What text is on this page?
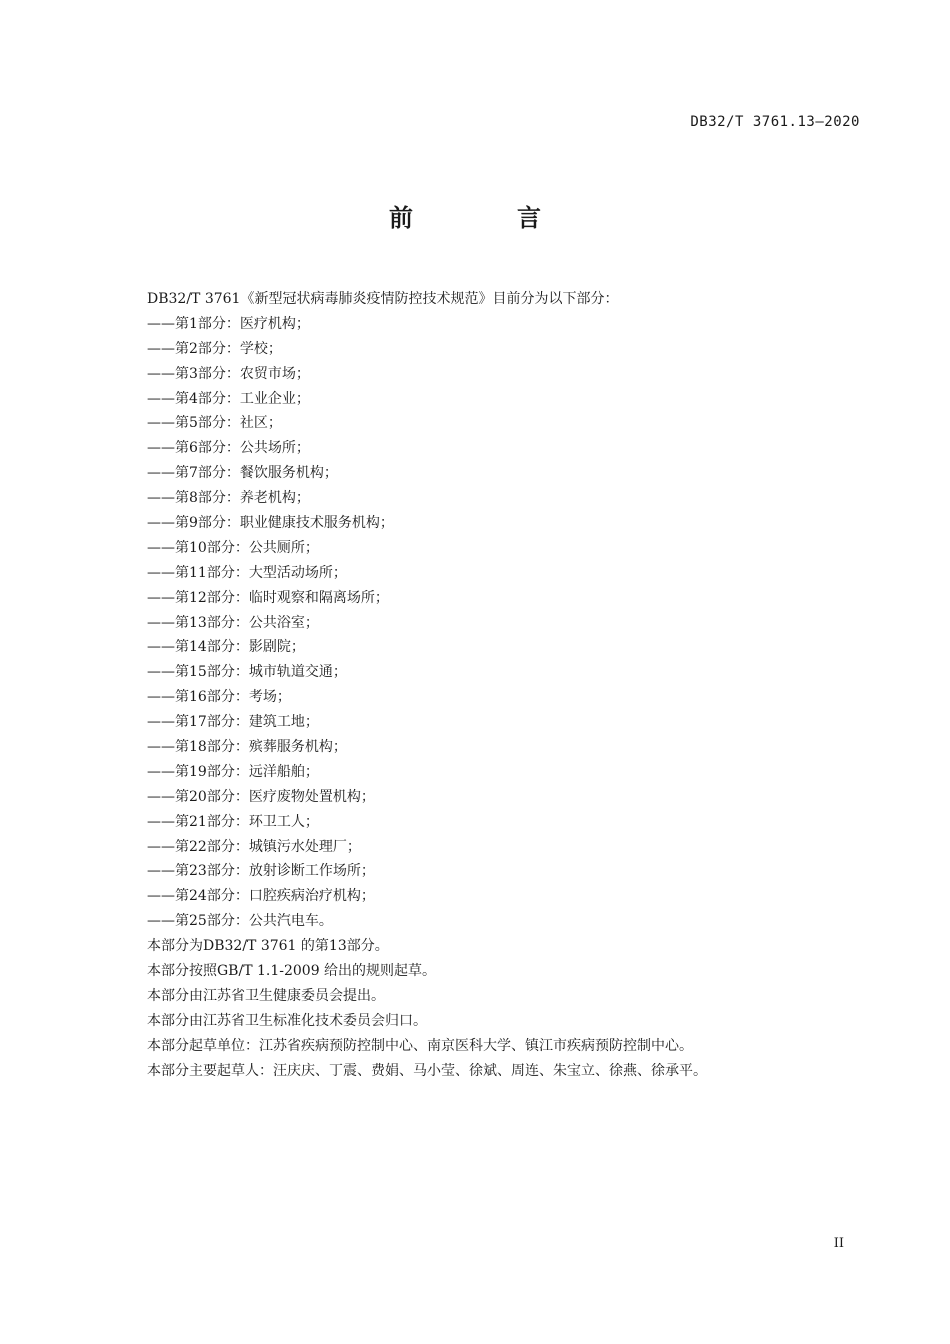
DB32/T 3761.13—2020
前　言
DB32/T 3761《新型冠状病毒肺炎疫情防控技术规范》目前分为以下部分：
——第1部分：医疗机构；
——第2部分：学校；
——第3部分：农贸市场；
——第4部分：工业企业；
——第5部分：社区；
——第6部分：公共场所；
——第7部分：餐饮服务机构；
——第8部分：养老机构；
——第9部分：职业健康技术服务机构；
——第10部分：公共厕所；
——第11部分：大型活动场所；
——第12部分：临时观察和隔离场所；
——第13部分：公共浴室；
——第14部分：影剧院；
——第15部分：城市轨道交通；
——第16部分：考场；
——第17部分：建筑工地；
——第18部分：殡葬服务机构；
——第19部分：远洋船舶；
——第20部分：医疗废物处置机构；
——第21部分：环卫工人；
——第22部分：城镇污水处理厂；
——第23部分：放射诊断工作场所；
——第24部分：口腔疾病治疗机构；
——第25部分：公共汽电车。
本部分为DB32/T 3761 的第13部分。
本部分按照GB/T 1.1-2009 给出的规则起草。
本部分由江苏省卫生健康委员会提出。
本部分由江苏省卫生标准化技术委员会归口。
本部分起草单位：江苏省疾病预防控制中心、南京医科大学、镇江市疾病预防控制中心。
本部分主要起草人：汪庆庆、丁震、费娟、马小莹、徐斌、周连、朱宝立、徐燕、徐承平。
II
